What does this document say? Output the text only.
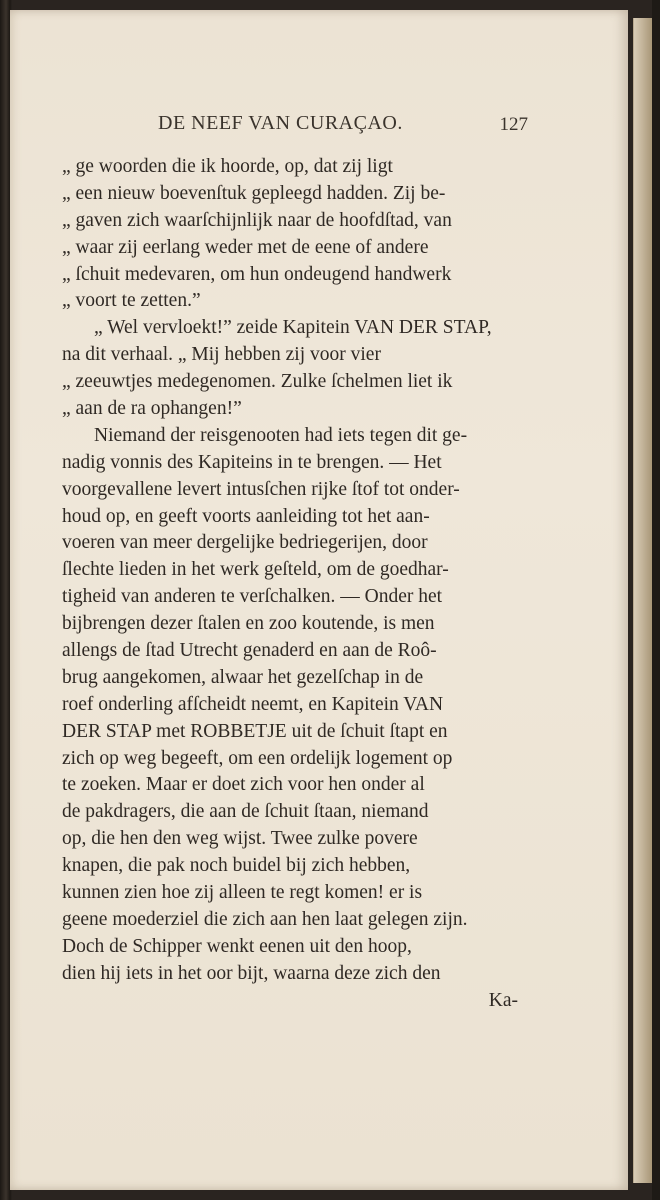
DE NEEF VAN CURAÇAO.	127
„ ge woorden die ik hoorde, op, dat zij ligt
„ een nieuw boevenſtuk gepleegd hadden. Zij be-
„ gaven zich waarſchijnlijk naar de hoofdſtad, van
„ waar zij eerlang weder met de eene of andere
„ ſchuit medevaren, om hun ondeugend handwerk
„ voort te zetten.”
„ Wel vervloekt!” zeide Kapitein VAN DER STAP,
na dit verhaal. „ Mij hebben zij voor vier
„ zeeuwtjes medegenomen. Zulke ſchelmen liet ik
„ aan de ra ophangen!”
Niemand der reisgenooten had iets tegen dit ge-
nadig vonnis des Kapiteins in te brengen. — Het
voorgevallene levert intusſchen rijke ſtof tot onder-
houd op, en geeft voorts aanleiding tot het aan-
voeren van meer dergelijke bedriegerijen, door
ſlechte lieden in het werk geſteld, om de goedhar-
tigheid van anderen te verſchalken. — Onder het
bijbrengen dezer ſtalen en zoo koutende, is men
allengs de ſtad Utrecht genaderd en aan de Roô-
brug aangekomen, alwaar het gezelſchap in de
roef onderling afſcheidt neemt, en Kapitein VAN
DER STAP met ROBBETJE uit de ſchuit ſtapt en
zich op weg begeeft, om een ordelijk logement op
te zoeken. Maar er doet zich voor hen onder al
de pakdragers, die aan de ſchuit ſtaan, niemand
op, die hen den weg wijst. Twee zulke povere
knapen, die pak noch buidel bij zich hebben,
kunnen zien hoe zij alleen te regt komen! er is
geene moederziel die zich aan hen laat gelegen zijn.
Doch de Schipper wenkt eenen uit den hoop,
dien hij iets in het oor bijt, waarna deze zich den
Ka-
